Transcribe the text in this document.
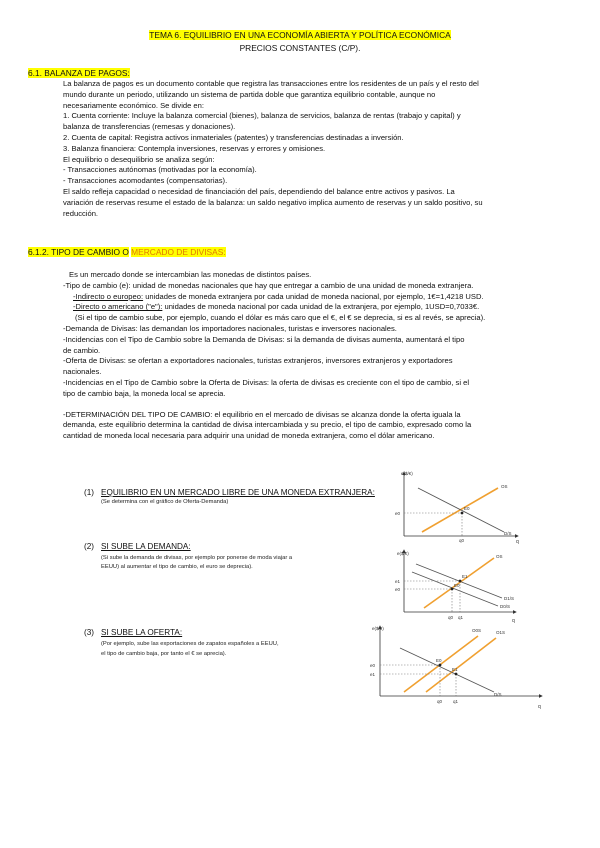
TEMA 6. EQUILIBRIO EN UNA ECONOMÍA ABIERTA Y POLÍTICA ECONÓMICA
PRECIOS CONSTANTES (C/P).
6.1. BALANZA DE PAGOS:

La balanza de pagos es un documento contable que registra las transacciones entre los residentes de un país y el resto del

mundo durante un periodo, utilizando un sistema de partida doble que garantiza equilibrio contable, aunque no

necesariamente económico. Se divide en:

1. Cuenta corriente: Incluye la balanza comercial (bienes), balanza de servicios, balanza de rentas (trabajo y capital) y

balanza de transferencias (remesas y donaciones).

2. Cuenta de capital: Registra activos inmateriales (patentes) y transferencias destinadas a inversión.

3. Balanza financiera: Contempla inversiones, reservas y errores y omisiones.

El equilibrio o desequilibrio se analiza según:

- Transacciones autónomas (motivadas por la economía).

- Transacciones acomodantes (compensatorias).

El saldo refleja capacidad o necesidad de financiación del país, dependiendo del balance entre activos y pasivos. La

variación de reservas resume el estado de la balanza: un saldo negativo implica aumento de reservas y un saldo positivo, su

reducción.

6.1.2. TIPO DE CAMBIO O MERCADO DE DIVISAS:

Es un mercado donde se intercambian las monedas de distintos países.

-Tipo de cambio (e): unidad de monedas nacionales que hay que entregar a cambio de una unidad de moneda extranjera.

-Indirecto o europeo: unidades de moneda extranjera por cada unidad de moneda nacional, por ejemplo, 1€=1,4218 USD.

-Directo o americano ("e"): unidades de moneda nacional por cada unidad de la extranjera, por ejemplo, 1USD=0,7033€.

(Si el tipo de cambio sube, por ejemplo, cuando el dólar es más caro que el €, el € se deprecia, si es al revés, se aprecia).

-Demanda de Divisas: las demandan los importadores nacionales, turistas e inversores nacionales.

-Incidencias con el Tipo de Cambio sobre la Demanda de Divisas: si la demanda de divisas aumenta, aumentará el tipo

de cambio.

-Oferta de Divisas: se ofertan a exportadores nacionales, turistas extranjeros, inversores extranjeros y exportadores

nacionales.

-Incidencias en el Tipo de Cambio sobre la Oferta de Divisas: la oferta de divisas es creciente con el tipo de cambio, si el

tipo de cambio baja, la moneda local se aprecia.

-DETERMINACIÓN DEL TIPO DE CAMBIO: el equilibrio en el mercado de divisas se alcanza donde la oferta iguala la

demanda, este equilibrio determina la cantidad de divisa intercambiada y su precio, el tipo de cambio, expresado como la

cantidad de moneda local necesaria para adquirir una unidad de moneda extranjera, como el dólar americano.

(1) EQUILIBRIO EN UN MERCADO LIBRE DE UNA MONEDA EXTRANJERA:
(Se determina con el gráfico de Oferta-Demanda)
(2) SI SUBE LA DEMANDA:
(Si sube la demanda de divisas, por ejemplo por ponerse de moda viajar a
EEUU) al aumentar el tipo de cambio, el euro se deprecia).
(3) SI SUBE LA OFERTA:
(Por ejemplo, sube las exportaciones de zapatos españoles a EEUU,
el tipo de cambio baja, por tanto el € se aprecia).
e($/€)
q
OS
D/S
E0
e0
q0
e($/€)
q
OS
D1/S
D0/S
E1
E0
e1
e0
q0 q1
e($/€)
q
O0S	O1S
D/S
E0
E1
e0
e1
q0 q1
